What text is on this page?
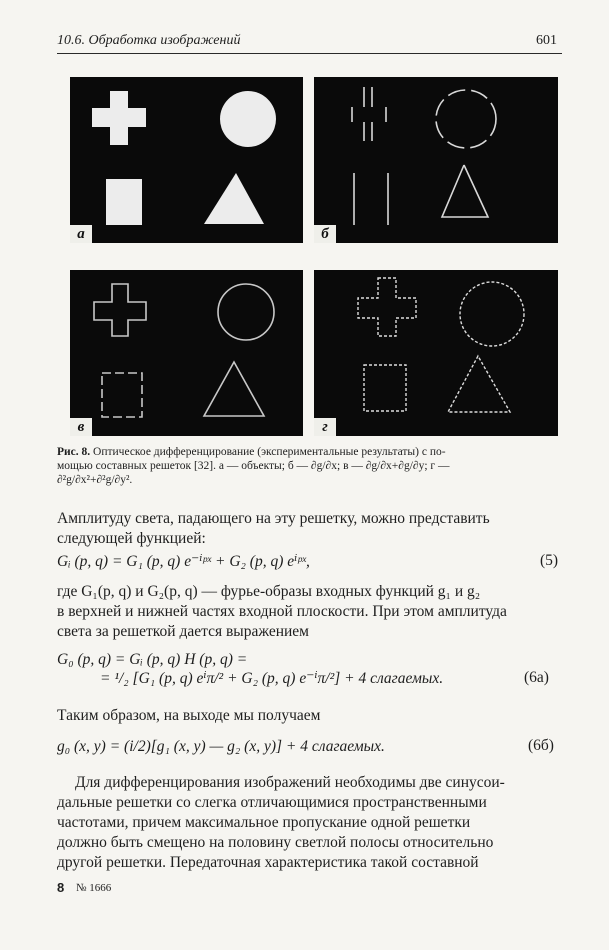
10.6. Обработка изображений	601
а	б
в	г
Рис. 8. Оптическое дифференцирование (экспериментальные результаты) с по-
мощью составных решеток [32]. а — объекты; б — ∂g/∂x; в — ∂g/∂x+∂g/∂y; г —
∂²g/∂x²+∂²g/∂y².
Амплитуду света, падающего на эту решетку, можно представить
следующей функцией:
Gᵢ (p, q) = G₁ (p, q) e⁻ⁱᵖˣ + G₂ (p, q) eⁱᵖˣ,	(5)
где G₁(p, q) и G₂(p, q) — фурье-образы входных функций g₁ и g₂
в верхней и нижней частях входной плоскости. При этом амплитуда
света за решеткой дается выражением
G₀ (p, q) = Gᵢ (p, q) H (p, q) =
= ¹/₂ [G₁ (p, q) eⁱπ/² + G₂ (p, q) e⁻ⁱπ/²] + 4 слагаемых.	(6а)
Таким образом, на выходе мы получаем
g₀ (x, y) = (i/2)[g₁ (x, y) — g₂ (x, y)] + 4 слагаемых.	(6б)
Для дифференцирования изображений необходимы две синусои-
дальные решетки со слегка отличающимися пространственными
частотами, причем максимальное пропускание одной решетки
должно быть смещено на половину светлой полосы относительно
другой решетки. Передаточная характеристика такой составной
8 № 1666
